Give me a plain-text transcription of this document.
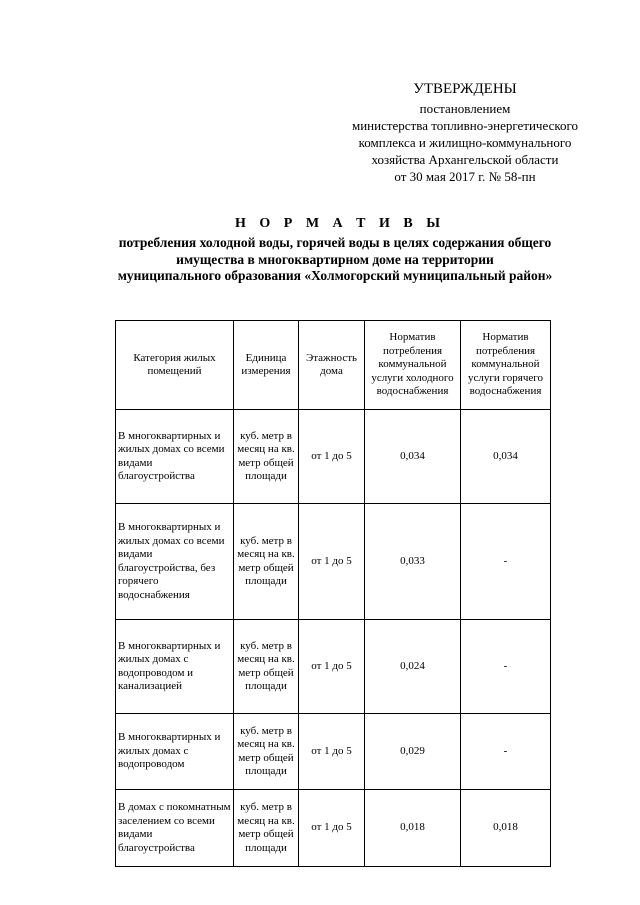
УТВЕРЖДЕНЫ
постановлением
министерства топливно-энергетического
комплекса и жилищно-коммунального
хозяйства Архангельской области
от 30 мая 2017 г. № 58-пн
Н О Р М А Т И В Ы
потребления холодной воды, горячей воды в целях содержания общего
имущества в многоквартирном доме на территории
муниципального образования «Холмогорский муниципальный район»
Категория жилых помещений	Единица измерения	Этажность дома	Норматив потребления коммунальной услуги холодного водоснабжения	Норматив потребления коммунальной услуги горячего водоснабжения
В многоквартирных и жилых домах со всеми видами благоустройства	куб. метр в месяц на кв. метр общей площади	от 1 до 5	0,034	0,034
В многоквартирных и жилых домах со всеми видами благоустройства, без горячего водоснабжения	куб. метр в месяц на кв. метр общей площади	от 1 до 5	0,033	-
В многоквартирных и жилых домах с водопроводом и канализацией	куб. метр в месяц на кв. метр общей площади	от 1 до 5	0,024	-
В многоквартирных и жилых домах с водопроводом	куб. метр в месяц на кв. метр общей площади	от 1 до 5	0,029	-
В домах с покомнатным заселением со всеми видами благоустройства	куб. метр в месяц на кв. метр общей площади	от 1 до 5	0,018	0,018
